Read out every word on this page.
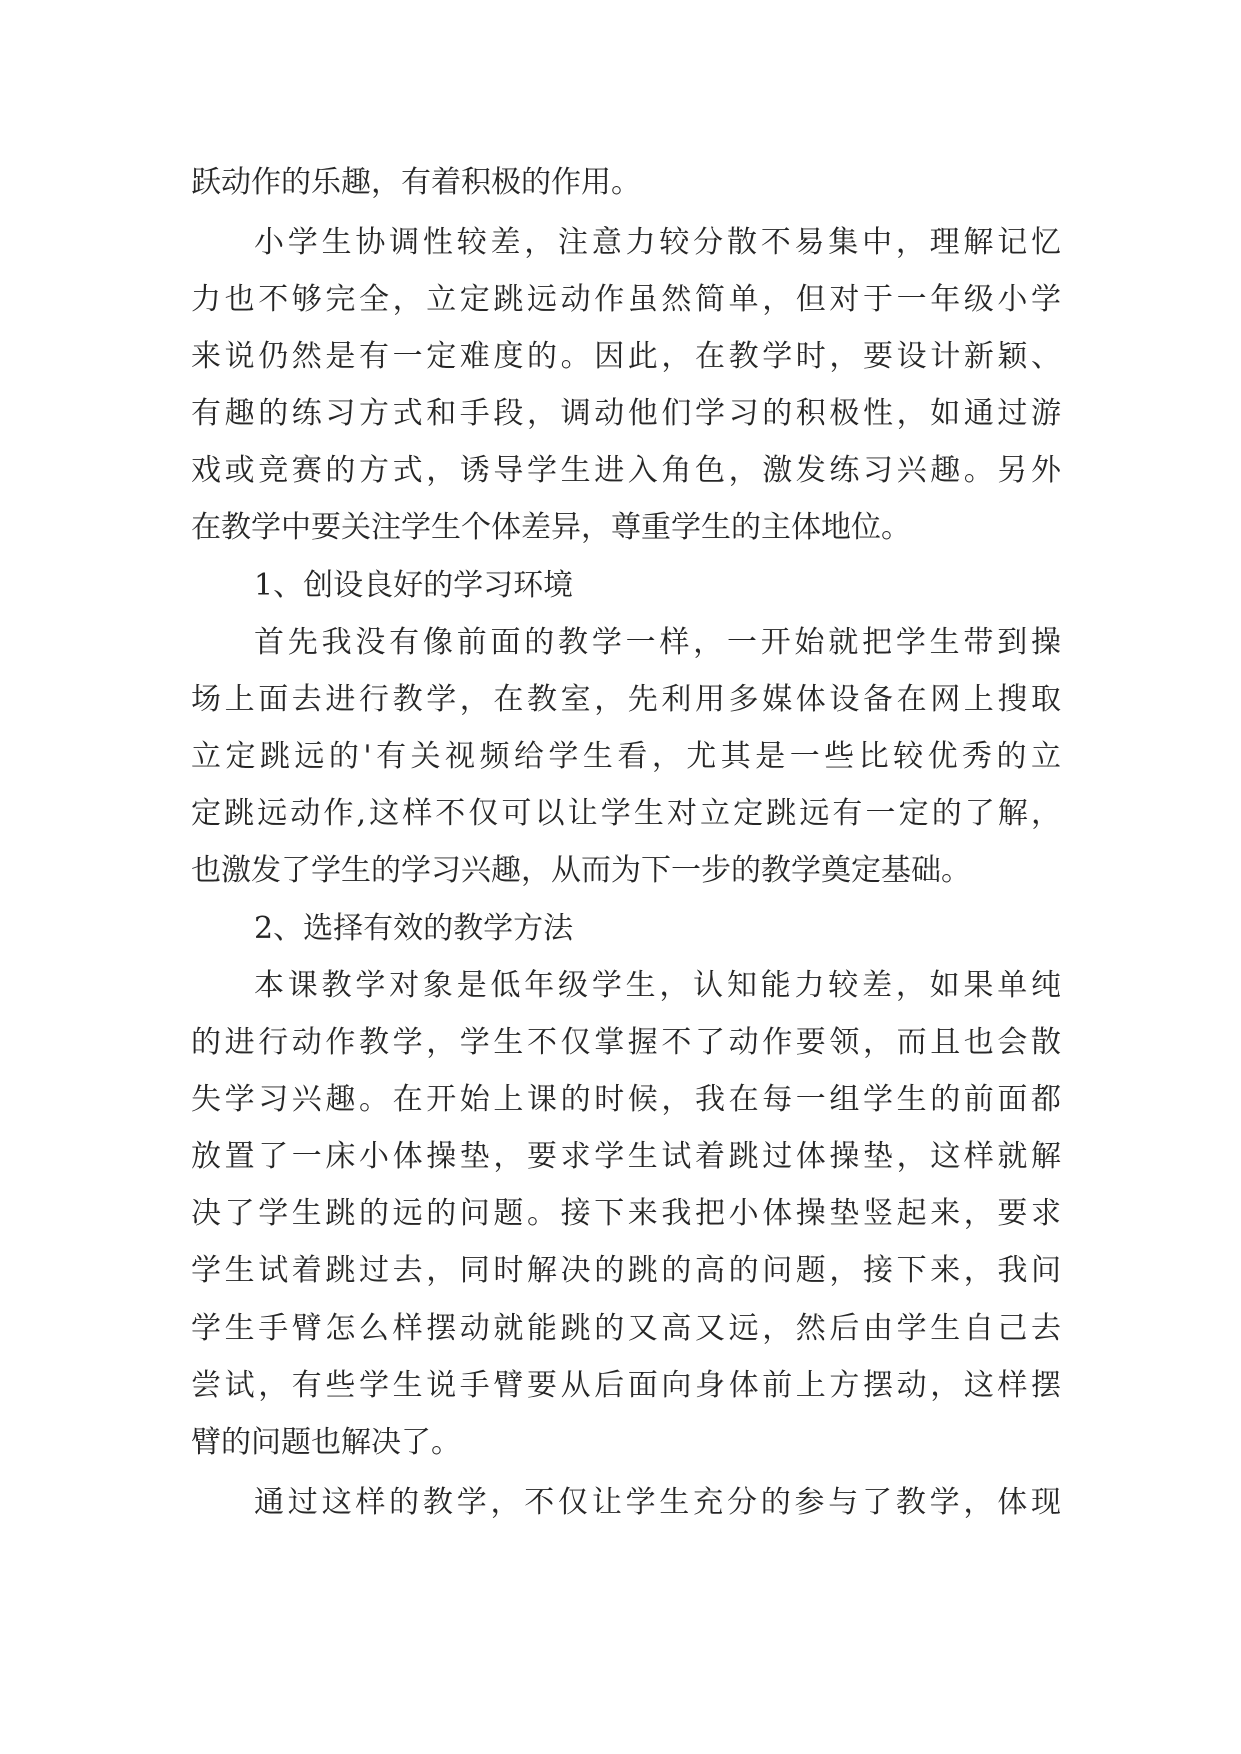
跃动作的乐趣，有着积极的作用。
小学生协调性较差，注意力较分散不易集中，理解记忆
力也不够完全，立定跳远动作虽然简单，但对于一年级小学
来说仍然是有一定难度的。因此，在教学时，要设计新颖、
有趣的练习方式和手段，调动他们学习的积极性，如通过游
戏或竞赛的方式，诱导学生进入角色，激发练习兴趣。另外
在教学中要关注学生个体差异，尊重学生的主体地位。
1、创设良好的学习环境
首先我没有像前面的教学一样，一开始就把学生带到操
场上面去进行教学，在教室，先利用多媒体设备在网上搜取
立定跳远的'有关视频给学生看，尤其是一些比较优秀的立
定跳远动作,这样不仅可以让学生对立定跳远有一定的了解，
也激发了学生的学习兴趣，从而为下一步的教学奠定基础。
2、选择有效的教学方法
本课教学对象是低年级学生，认知能力较差，如果单纯
的进行动作教学，学生不仅掌握不了动作要领，而且也会散
失学习兴趣。在开始上课的时候，我在每一组学生的前面都
放置了一床小体操垫，要求学生试着跳过体操垫，这样就解
决了学生跳的远的问题。接下来我把小体操垫竖起来，要求
学生试着跳过去，同时解决的跳的高的问题，接下来，我问
学生手臂怎么样摆动就能跳的又高又远，然后由学生自己去
尝试，有些学生说手臂要从后面向身体前上方摆动，这样摆
臂的问题也解决了。
通过这样的教学，不仅让学生充分的参与了教学，体现
